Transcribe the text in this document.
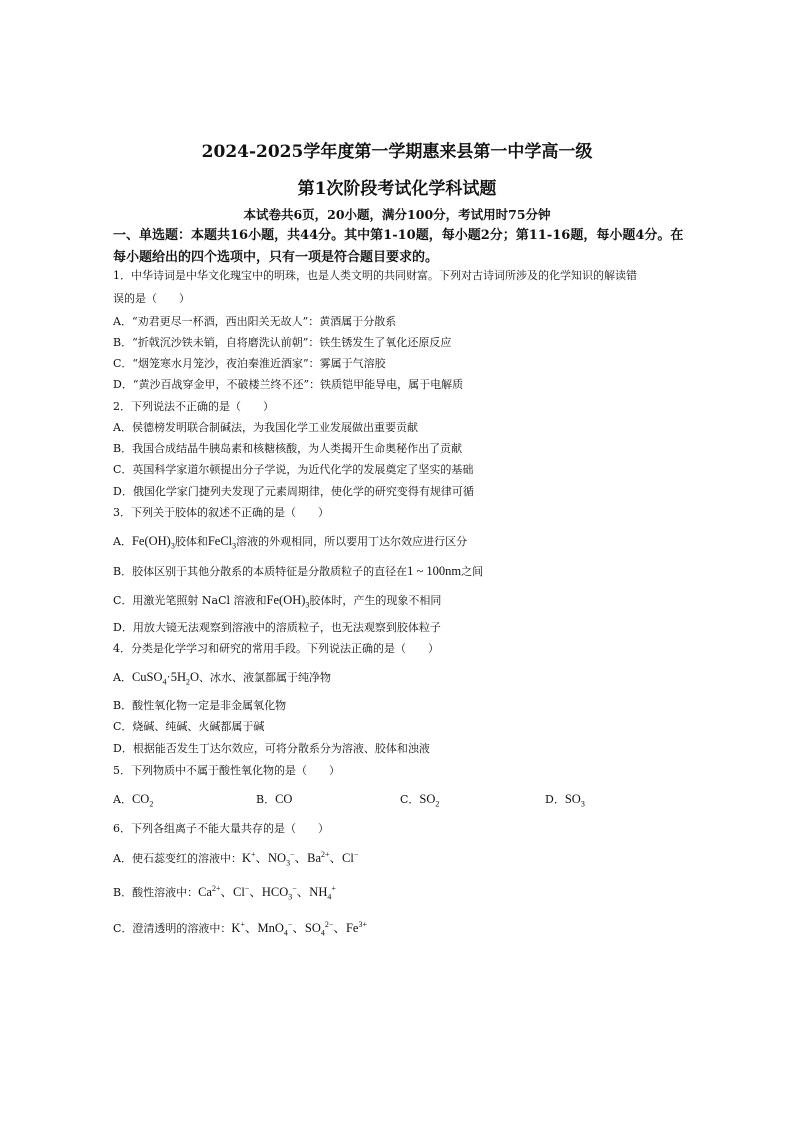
2024-2025学年度第一学期惠来县第一中学高一级
第1次阶段考试化学科试题
本试卷共6页，20小题，满分100分，考试用时75分钟
一、单选题：本题共16小题，共44分。其中第1-10题，每小题2分；第11-16题，每小题4分。在每小题给出的四个选项中，只有一项是符合题目要求的。
1．中华诗词是中华文化瑰宝中的明珠，也是人类文明的共同财富。下列对古诗词所涉及的化学知识的解读错
误的是（　　）
A．“劝君更尽一杯酒，西出阳关无故人”：黄酒属于分散系
B．“折戟沉沙铁未销，自将磨洗认前朝”：铁生锈发生了氧化还原反应
C．“烟笼寒水月笼沙，夜泊秦淮近酒家”：雾属于气溶胶
D．“黄沙百战穿金甲，不破楼兰终不还”：铁质铠甲能导电，属于电解质
2．下列说法不正确的是（　　）
A．侯德榜发明联合制碱法，为我国化学工业发展做出重要贡献
B．我国合成结晶牛胰岛素和核糖核酸，为人类揭开生命奥秘作出了贡献
C．英国科学家道尔顿提出分子学说，为近代化学的发展奠定了坚实的基础
D．俄国化学家门捷列夫发现了元素周期律，使化学的研究变得有规律可循
3．下列关于胶体的叙述不正确的是（　　）
A．$Fe(OH)_3$胶体和FeCl$_3$溶液的外观相同，所以要用丁达尔效应进行区分
B．胶体区别于其他分散系的本质特征是分散质粒子的直径在1 ~ 100nm之间
C．用激光笔照射 NaCl 溶液和$Fe(OH)_3$胶体时，产生的现象不相同
D．用放大镜无法观察到溶液中的溶质粒子，也无法观察到胶体粒子
4．分类是化学学习和研究的常用手段。下列说法正确的是（　　）
A．$CuSO_4\cdot 5H_2O$、冰水、液氯都属于纯净物
B．酸性氧化物一定是非金属氧化物
C．烧碱、纯碱、火碱都属于碱
D．根据能否发生丁达尔效应，可将分散系分为溶液、胶体和浊液
5．下列物质中不属于酸性氧化物的是（　　）
A．$CO_2$	B．CO	C．$SO_2$	D．$SO_3$
6．下列各组离子不能大量共存的是（　　）
A．使石蕊变红的溶液中：K+、$NO_3^-$、$Ba^{2+}$、Cl−
B．酸性溶液中：$Ca^{2+}$、Cl−、$HCO_3^-$、$NH_4^+$
C．澄清透明的溶液中：K+、MnO$_4$−、$SO_4^{2-}$、$Fe^{3+}$
